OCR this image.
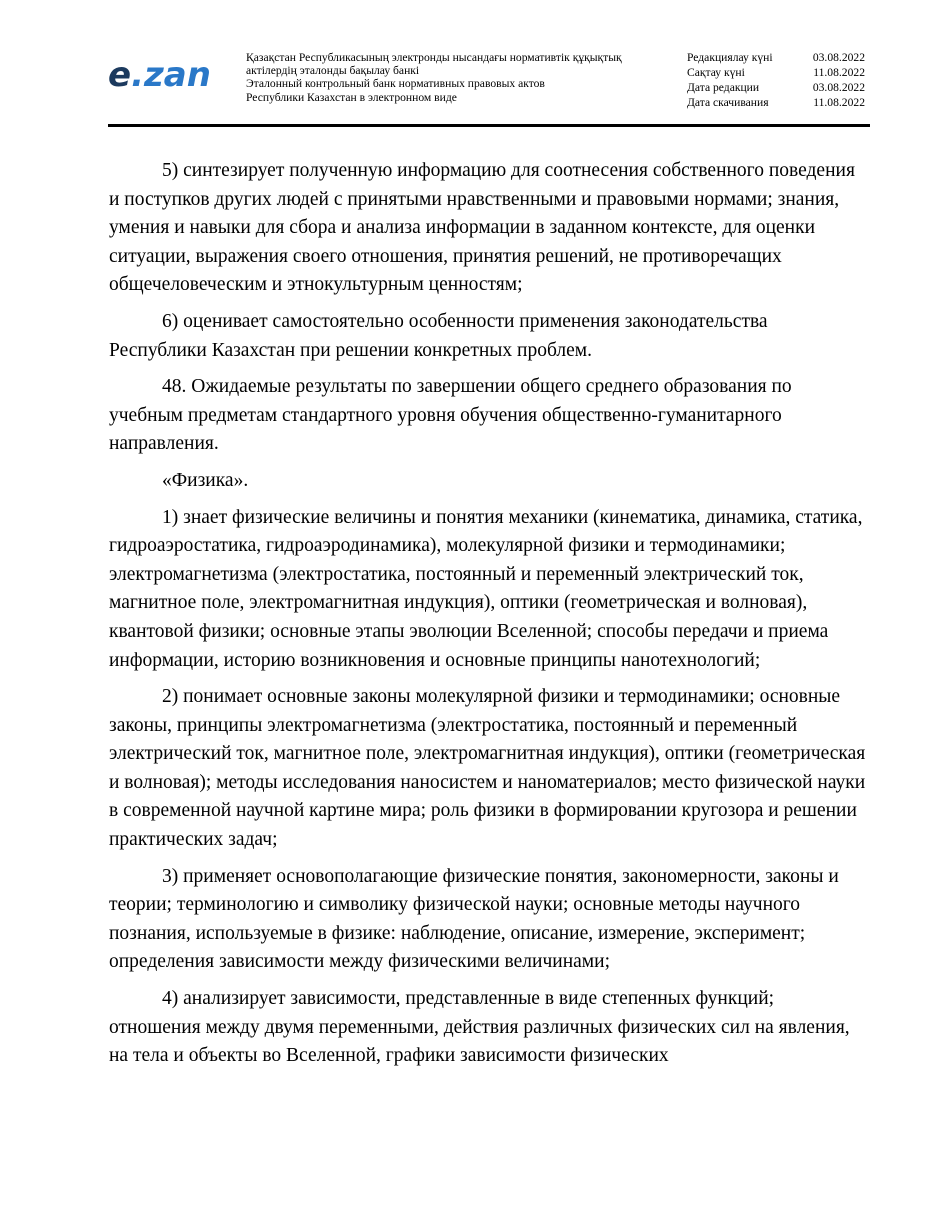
e.zan	Қазақстан Республикасының электронды нысандағы нормативтік құқықтық
актілердің эталонды бақылау банкі
Эталонный контрольный банк нормативных правовых актов
Республики Казахстан в электронном виде
Редакциялау күні	03.08.2022
Сақтау күні	11.08.2022
Дата редакции	03.08.2022
Дата скачивания	11.08.2022

5) синтезирует полученную информацию для соотнесения собственного поведения и поступков других людей с принятыми нравственными и правовыми нормами; знания, умения и навыки для сбора и анализа информации в заданном контексте, для оценки ситуации, выражения своего отношения, принятия решений, не противоречащих общечеловеческим и этнокультурным ценностям;

6) оценивает самостоятельно особенности применения законодательства Республики Казахстан при решении конкретных проблем.

48. Ожидаемые результаты по завершении общего среднего образования по учебным предметам стандартного уровня обучения общественно-гуманитарного направления.

«Физика».

1) знает физические величины и понятия механики (кинематика, динамика, статика, гидроаэростатика, гидроаэродинамика), молекулярной физики и термодинамики; электромагнетизма (электростатика, постоянный и переменный электрический ток, магнитное поле, электромагнитная индукция), оптики (геометрическая и волновая), квантовой физики; основные этапы эволюции Вселенной; способы передачи и приема информации, историю возникновения и основные принципы нанотехнологий;

2) понимает основные законы молекулярной физики и термодинамики; основные законы, принципы электромагнетизма (электростатика, постоянный и переменный электрический ток, магнитное поле, электромагнитная индукция), оптики (геометрическая и волновая); методы исследования наносистем и наноматериалов; место физической науки в современной научной картине мира; роль физики в формировании кругозора и решении практических задач;

3) применяет основополагающие физические понятия, закономерности, законы и теории; терминологию и символику физической науки; основные методы научного познания, используемые в физике: наблюдение, описание, измерение, эксперимент; определения зависимости между физическими величинами;

4) анализирует зависимости, представленные в виде степенных функций; отношения между двумя переменными, действия различных физических сил на явления, на тела и объекты во Вселенной, графики зависимости физических
